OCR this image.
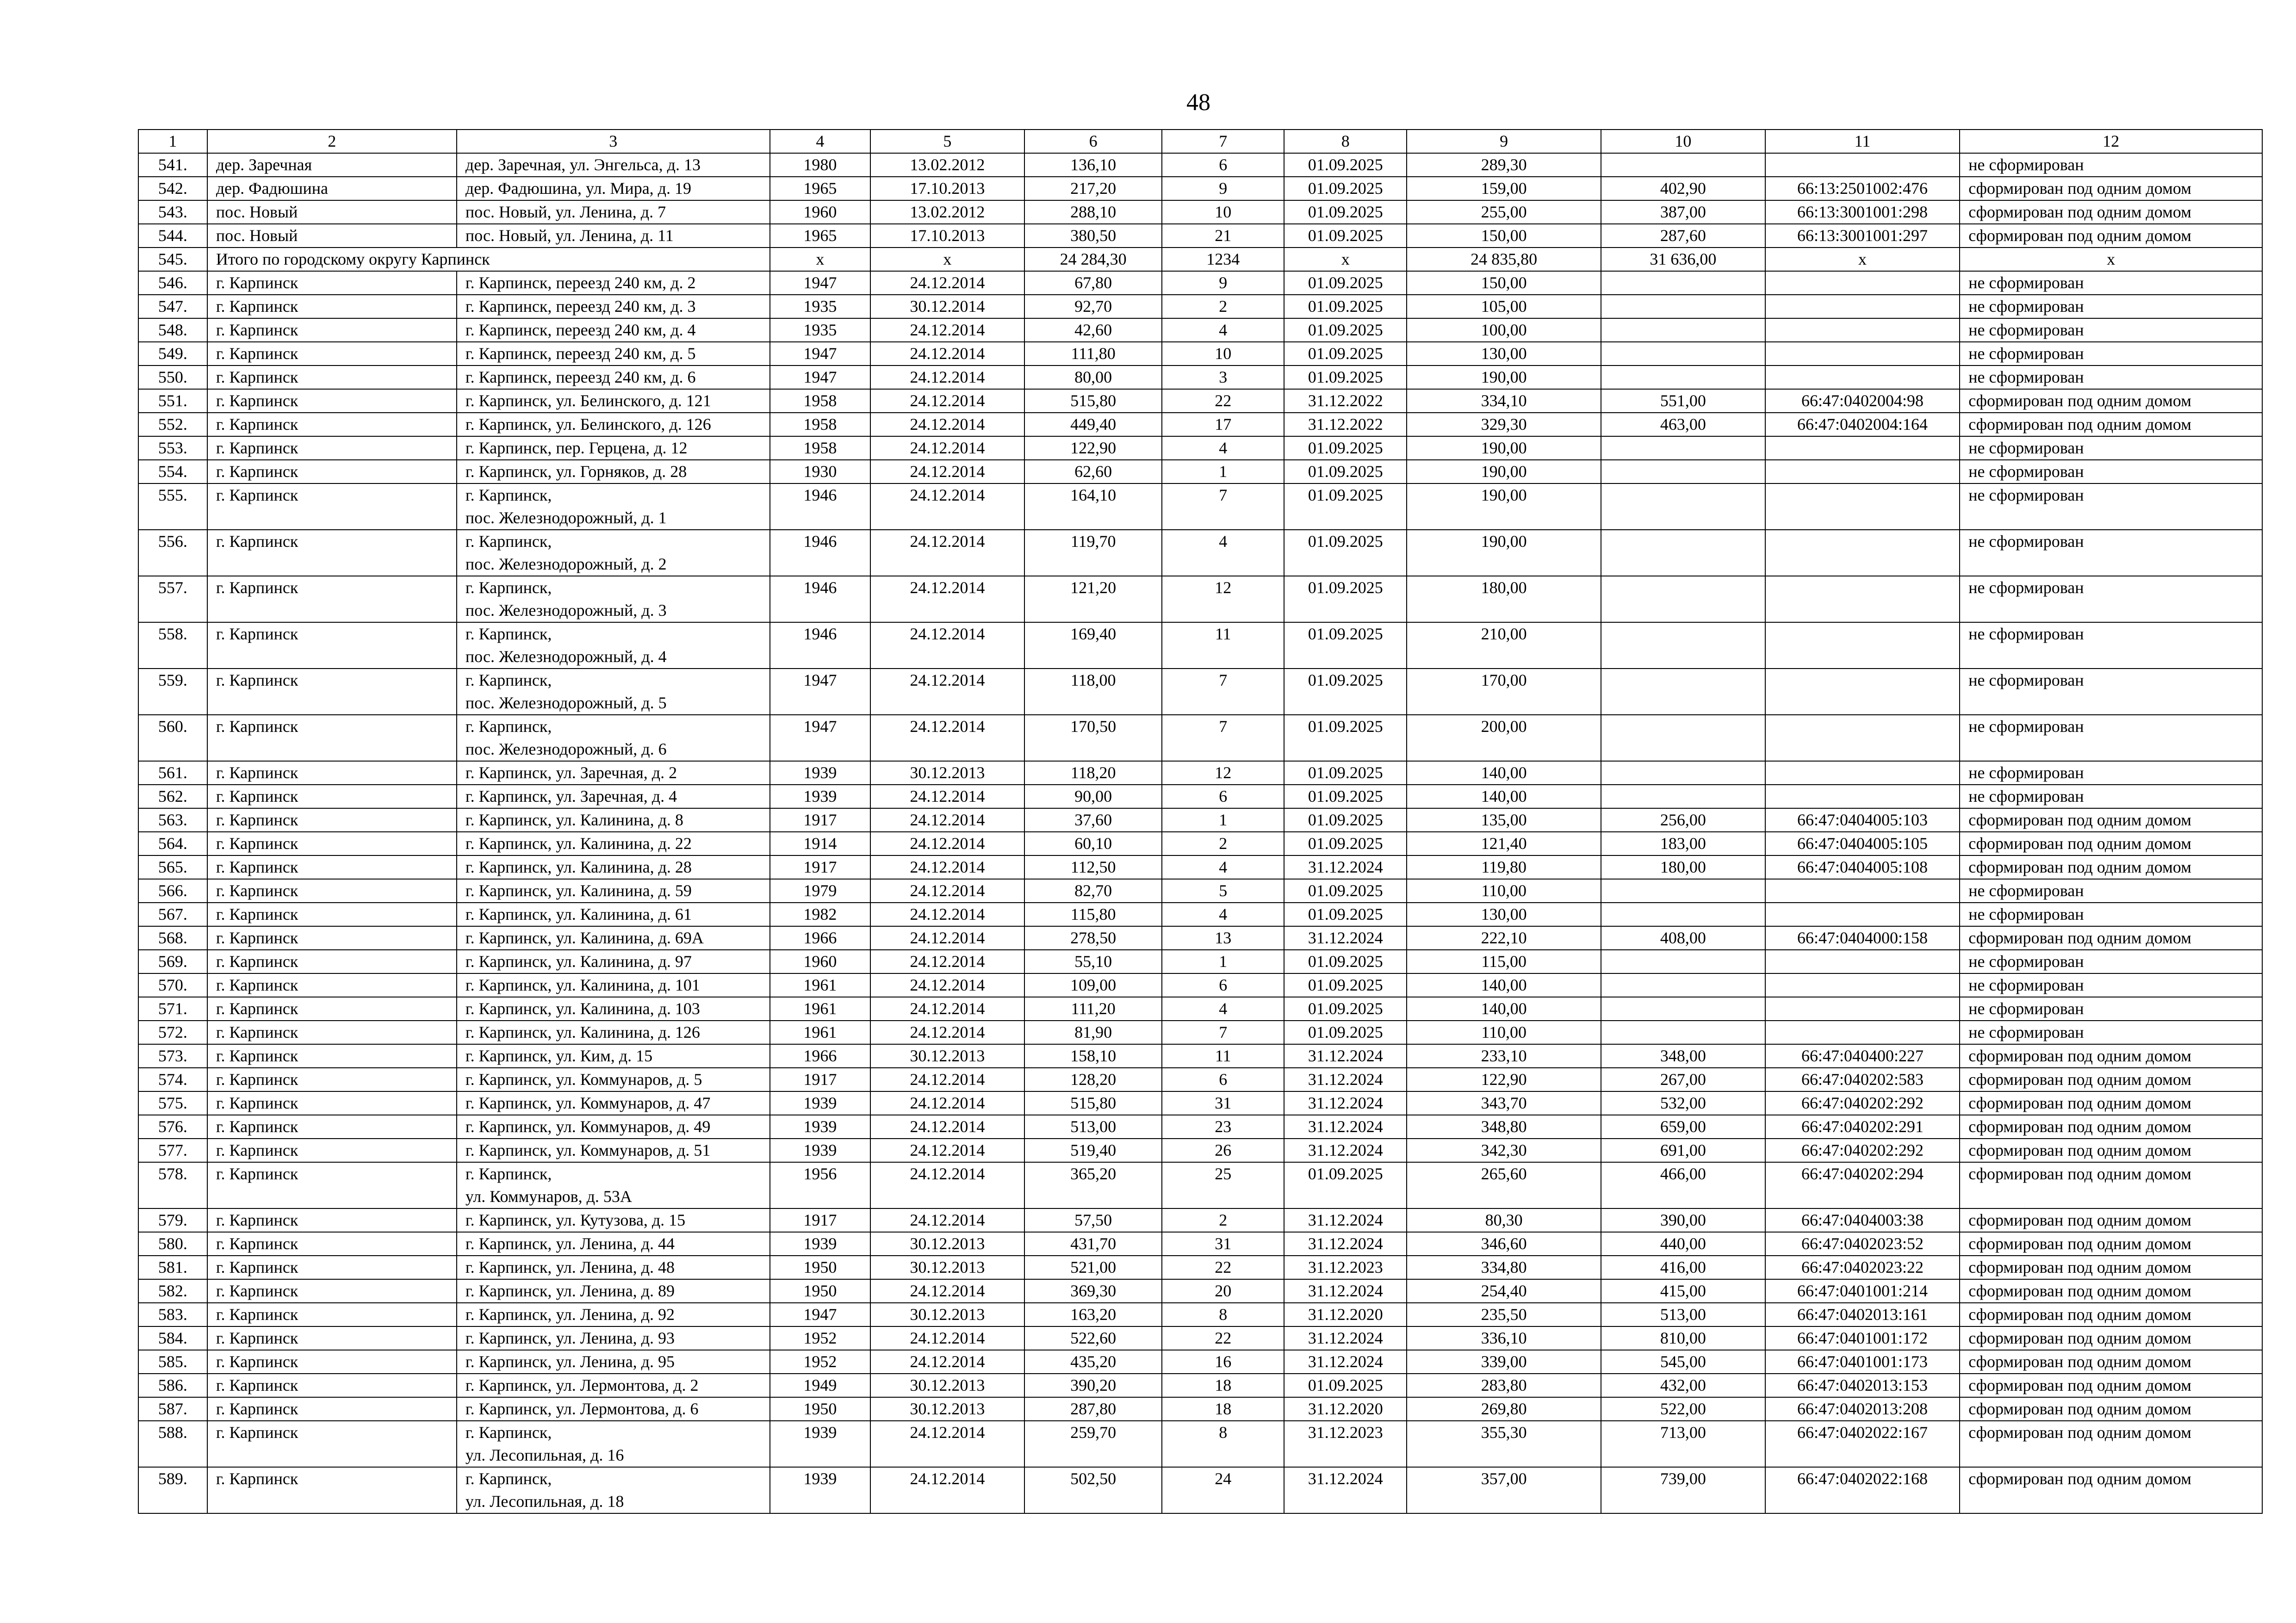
48
1	2	3	4	5	6	7	8	9	10	11	12
541.	дер. Заречная	дер. Заречная, ул. Энгельса, д. 13	1980	13.02.2012	136,10	6	01.09.2025	289,30			не сформирован
542.	дер. Фадюшина	дер. Фадюшина, ул. Мира, д. 19	1965	17.10.2013	217,20	9	01.09.2025	159,00	402,90	66:13:2501002:476	сформирован под одним домом
543.	пос. Новый	пос. Новый, ул. Ленина, д. 7	1960	13.02.2012	288,10	10	01.09.2025	255,00	387,00	66:13:3001001:298	сформирован под одним домом
544.	пос. Новый	пос. Новый, ул. Ленина, д. 11	1965	17.10.2013	380,50	21	01.09.2025	150,00	287,60	66:13:3001001:297	сформирован под одним домом
545.	Итого по городскому округу Карпинск		х	х	24 284,30	1234	х	24 835,80	31 636,00	х	х
546.	г. Карпинск	г. Карпинск, переезд 240 км, д. 2	1947	24.12.2014	67,80	9	01.09.2025	150,00			не сформирован
547.	г. Карпинск	г. Карпинск, переезд 240 км, д. 3	1935	30.12.2014	92,70	2	01.09.2025	105,00			не сформирован
548.	г. Карпинск	г. Карпинск, переезд 240 км, д. 4	1935	24.12.2014	42,60	4	01.09.2025	100,00			не сформирован
549.	г. Карпинск	г. Карпинск, переезд 240 км, д. 5	1947	24.12.2014	111,80	10	01.09.2025	130,00			не сформирован
550.	г. Карпинск	г. Карпинск, переезд 240 км, д. 6	1947	24.12.2014	80,00	3	01.09.2025	190,00			не сформирован
551.	г. Карпинск	г. Карпинск, ул. Белинского, д. 121	1958	24.12.2014	515,80	22	31.12.2022	334,10	551,00	66:47:0402004:98	сформирован под одним домом
552.	г. Карпинск	г. Карпинск, ул. Белинского, д. 126	1958	24.12.2014	449,40	17	31.12.2022	329,30	463,00	66:47:0402004:164	сформирован под одним домом
553.	г. Карпинск	г. Карпинск, пер. Герцена, д. 12	1958	24.12.2014	122,90	4	01.09.2025	190,00			не сформирован
554.	г. Карпинск	г. Карпинск, ул. Горняков, д. 28	1930	24.12.2014	62,60	1	01.09.2025	190,00			не сформирован
555.	г. Карпинск	г. Карпинск,
пос. Железнодорожный, д. 1	1946	24.12.2014	164,10	7	01.09.2025	190,00			не сформирован
556.	г. Карпинск	г. Карпинск,
пос. Железнодорожный, д. 2	1946	24.12.2014	119,70	4	01.09.2025	190,00			не сформирован
557.	г. Карпинск	г. Карпинск,
пос. Железнодорожный, д. 3	1946	24.12.2014	121,20	12	01.09.2025	180,00			не сформирован
558.	г. Карпинск	г. Карпинск,
пос. Железнодорожный, д. 4	1946	24.12.2014	169,40	11	01.09.2025	210,00			не сформирован
559.	г. Карпинск	г. Карпинск,
пос. Железнодорожный, д. 5	1947	24.12.2014	118,00	7	01.09.2025	170,00			не сформирован
560.	г. Карпинск	г. Карпинск,
пос. Железнодорожный, д. 6	1947	24.12.2014	170,50	7	01.09.2025	200,00			не сформирован
561.	г. Карпинск	г. Карпинск, ул. Заречная, д. 2	1939	30.12.2013	118,20	12	01.09.2025	140,00			не сформирован
562.	г. Карпинск	г. Карпинск, ул. Заречная, д. 4	1939	24.12.2014	90,00	6	01.09.2025	140,00			не сформирован
563.	г. Карпинск	г. Карпинск, ул. Калинина, д. 8	1917	24.12.2014	37,60	1	01.09.2025	135,00	256,00	66:47:0404005:103	сформирован под одним домом
564.	г. Карпинск	г. Карпинск, ул. Калинина, д. 22	1914	24.12.2014	60,10	2	01.09.2025	121,40	183,00	66:47:0404005:105	сформирован под одним домом
565.	г. Карпинск	г. Карпинск, ул. Калинина, д. 28	1917	24.12.2014	112,50	4	31.12.2024	119,80	180,00	66:47:0404005:108	сформирован под одним домом
566.	г. Карпинск	г. Карпинск, ул. Калинина, д. 59	1979	24.12.2014	82,70	5	01.09.2025	110,00			не сформирован
567.	г. Карпинск	г. Карпинск, ул. Калинина, д. 61	1982	24.12.2014	115,80	4	01.09.2025	130,00			не сформирован
568.	г. Карпинск	г. Карпинск, ул. Калинина, д. 69А	1966	24.12.2014	278,50	13	31.12.2024	222,10	408,00	66:47:0404000:158	сформирован под одним домом
569.	г. Карпинск	г. Карпинск, ул. Калинина, д. 97	1960	24.12.2014	55,10	1	01.09.2025	115,00			не сформирован
570.	г. Карпинск	г. Карпинск, ул. Калинина, д. 101	1961	24.12.2014	109,00	6	01.09.2025	140,00			не сформирован
571.	г. Карпинск	г. Карпинск, ул. Калинина, д. 103	1961	24.12.2014	111,20	4	01.09.2025	140,00			не сформирован
572.	г. Карпинск	г. Карпинск, ул. Калинина, д. 126	1961	24.12.2014	81,90	7	01.09.2025	110,00			не сформирован
573.	г. Карпинск	г. Карпинск, ул. Ким, д. 15	1966	30.12.2013	158,10	11	31.12.2024	233,10	348,00	66:47:040400:227	сформирован под одним домом
574.	г. Карпинск	г. Карпинск, ул. Коммунаров, д. 5	1917	24.12.2014	128,20	6	31.12.2024	122,90	267,00	66:47:040202:583	сформирован под одним домом
575.	г. Карпинск	г. Карпинск, ул. Коммунаров, д. 47	1939	24.12.2014	515,80	31	31.12.2024	343,70	532,00	66:47:040202:292	сформирован под одним домом
576.	г. Карпинск	г. Карпинск, ул. Коммунаров, д. 49	1939	24.12.2014	513,00	23	31.12.2024	348,80	659,00	66:47:040202:291	сформирован под одним домом
577.	г. Карпинск	г. Карпинск, ул. Коммунаров, д. 51	1939	24.12.2014	519,40	26	31.12.2024	342,30	691,00	66:47:040202:292	сформирован под одним домом
578.	г. Карпинск	г. Карпинск,
ул. Коммунаров, д. 53А	1956	24.12.2014	365,20	25	01.09.2025	265,60	466,00	66:47:040202:294	сформирован под одним домом
579.	г. Карпинск	г. Карпинск, ул. Кутузова, д. 15	1917	24.12.2014	57,50	2	31.12.2024	80,30	390,00	66:47:0404003:38	сформирован под одним домом
580.	г. Карпинск	г. Карпинск, ул. Ленина, д. 44	1939	30.12.2013	431,70	31	31.12.2024	346,60	440,00	66:47:0402023:52	сформирован под одним домом
581.	г. Карпинск	г. Карпинск, ул. Ленина, д. 48	1950	30.12.2013	521,00	22	31.12.2023	334,80	416,00	66:47:0402023:22	сформирован под одним домом
582.	г. Карпинск	г. Карпинск, ул. Ленина, д. 89	1950	24.12.2014	369,30	20	31.12.2024	254,40	415,00	66:47:0401001:214	сформирован под одним домом
583.	г. Карпинск	г. Карпинск, ул. Ленина, д. 92	1947	30.12.2013	163,20	8	31.12.2020	235,50	513,00	66:47:0402013:161	сформирован под одним домом
584.	г. Карпинск	г. Карпинск, ул. Ленина, д. 93	1952	24.12.2014	522,60	22	31.12.2024	336,10	810,00	66:47:0401001:172	сформирован под одним домом
585.	г. Карпинск	г. Карпинск, ул. Ленина, д. 95	1952	24.12.2014	435,20	16	31.12.2024	339,00	545,00	66:47:0401001:173	сформирован под одним домом
586.	г. Карпинск	г. Карпинск, ул. Лермонтова, д. 2	1949	30.12.2013	390,20	18	01.09.2025	283,80	432,00	66:47:0402013:153	сформирован под одним домом
587.	г. Карпинск	г. Карпинск, ул. Лермонтова, д. 6	1950	30.12.2013	287,80	18	31.12.2020	269,80	522,00	66:47:0402013:208	сформирован под одним домом
588.	г. Карпинск	г. Карпинск,
ул. Лесопильная, д. 16	1939	24.12.2014	259,70	8	31.12.2023	355,30	713,00	66:47:0402022:167	сформирован под одним домом
589.	г. Карпинск	г. Карпинск,
ул. Лесопильная, д. 18	1939	24.12.2014	502,50	24	31.12.2024	357,00	739,00	66:47:0402022:168	сформирован под одним домом
